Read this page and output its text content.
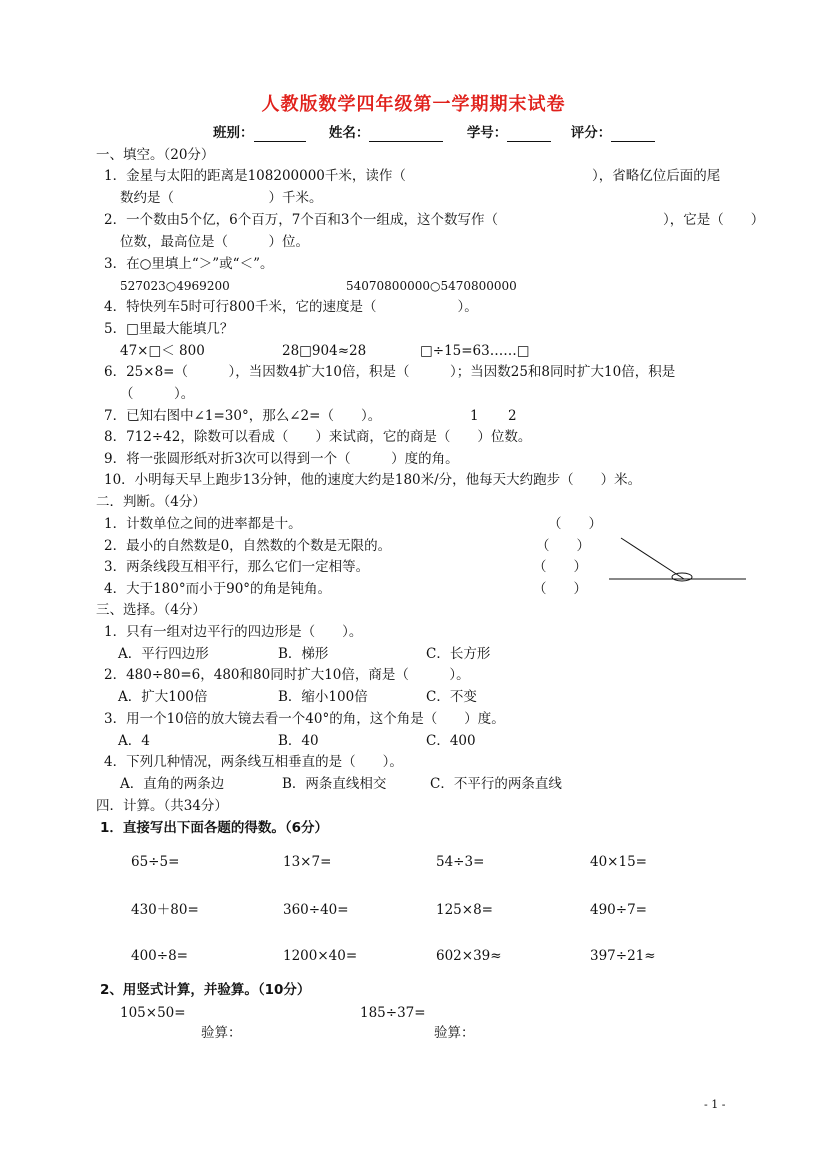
人教版数学四年级第一学期期末试卷
班别：	姓名：	学号：	评分：
一、填空。（20分）
1．金星与太阳的距离是108200000千米，读作（	），省略亿位后面的尾
数约是（　　　　　　　）千米。
2．一个数由5个亿，6个百万，7个百和3个一组成，这个数写作（	），它是（　　）
位数，最高位是（　　　）位。
3．在○里填上“＞”或“＜”。
527023○4969200	54070800000○5470800000
4．特快列车5时可行800千米，它的速度是（　　　　　　）。
5．□里最大能填几？
47×□＜ 800	28□904≈28	□÷15=63……□
6．25×8=（　　　），当因数4扩大10倍，积是（　　　）；当因数25和8同时扩大10倍，积是
（　　　）。
7．已知右图中∠1=30°，那么∠2=（　　）。	1 2
8．712÷42，除数可以看成（　　）来试商，它的商是（　　）位数。
9．将一张圆形纸对折3次可以得到一个（　　　）度的角。
10．小明每天早上跑步13分钟，他的速度大约是180米/分，他每天大约跑步（　　）米。
二．判断。（4分）
1．计数单位之间的进率都是十。	（　　）
2．最小的自然数是0，自然数的个数是无限的。	（　　）
3．两条线段互相平行，那么它们一定相等。	（　　）
4．大于180°而小于90°的角是钝角。	（　　）
三、选择。（4分）
1．只有一组对边平行的四边形是（　　）。
A．平行四边形	B．梯形	C．长方形
2．480÷80=6，480和80同时扩大10倍，商是（　　　）。
A．扩大100倍	B．缩小100倍	C．不变
3．用一个10倍的放大镜去看一个40°的角，这个角是（　　）度。
A．4	B．40	C．400
4．下列几种情况，两条线互相垂直的是（　　）。
A．直角的两条边	B．两条直线相交	C．不平行的两条直线
四．计算。（共34分）
1．直接写出下面各题的得数。（6分）
65÷5=	13×7=	54÷3=	40×15=
430＋80=	360÷40=	125×8=	490÷7=
400÷8=	1200×40=	602×39≈	397÷21≈
2、用竖式计算，并验算。（10分）
105×50=	185÷37=
验算：	验算：
- 1 -
